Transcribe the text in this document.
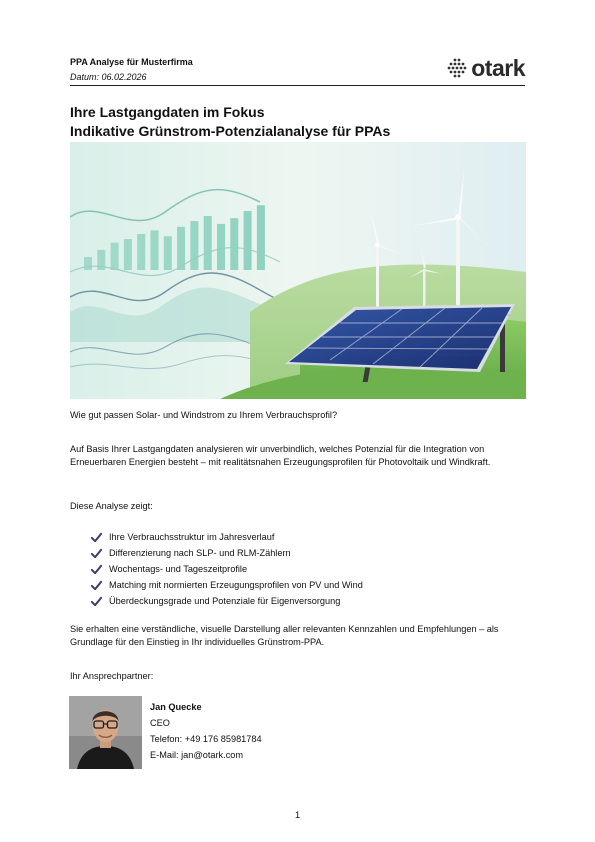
PPA Analyse für Musterfirma
Datum: 06.02.2026	otark
Ihre Lastgangdaten im Fokus
Indikative Grünstrom-Potenzialanalyse für PPAs
Wie gut passen Solar- und Windstrom zu Ihrem Verbrauchsprofil?
Auf Basis Ihrer Lastgangdaten analysieren wir unverbindlich, welches Potenzial für die Integration von Erneuerbaren Energien besteht – mit realitätsnahen Erzeugungsprofilen für Photovoltaik und Windkraft.
Diese Analyse zeigt:
Ihre Verbrauchsstruktur im Jahresverlauf
Differenzierung nach SLP- und RLM-Zählern
Wochentags- und Tageszeitprofile
Matching mit normierten Erzeugungsprofilen von PV und Wind
Überdeckungsgrade und Potenziale für Eigenversorgung
Sie erhalten eine verständliche, visuelle Darstellung aller relevanten Kennzahlen und Empfehlungen – als Grundlage für den Einstieg in Ihr individuelles Grünstrom-PPA.
Ihr Ansprechpartner:
Jan Quecke
CEO
Telefon: +49 176 85981784
E-Mail: jan@otark.com
1
